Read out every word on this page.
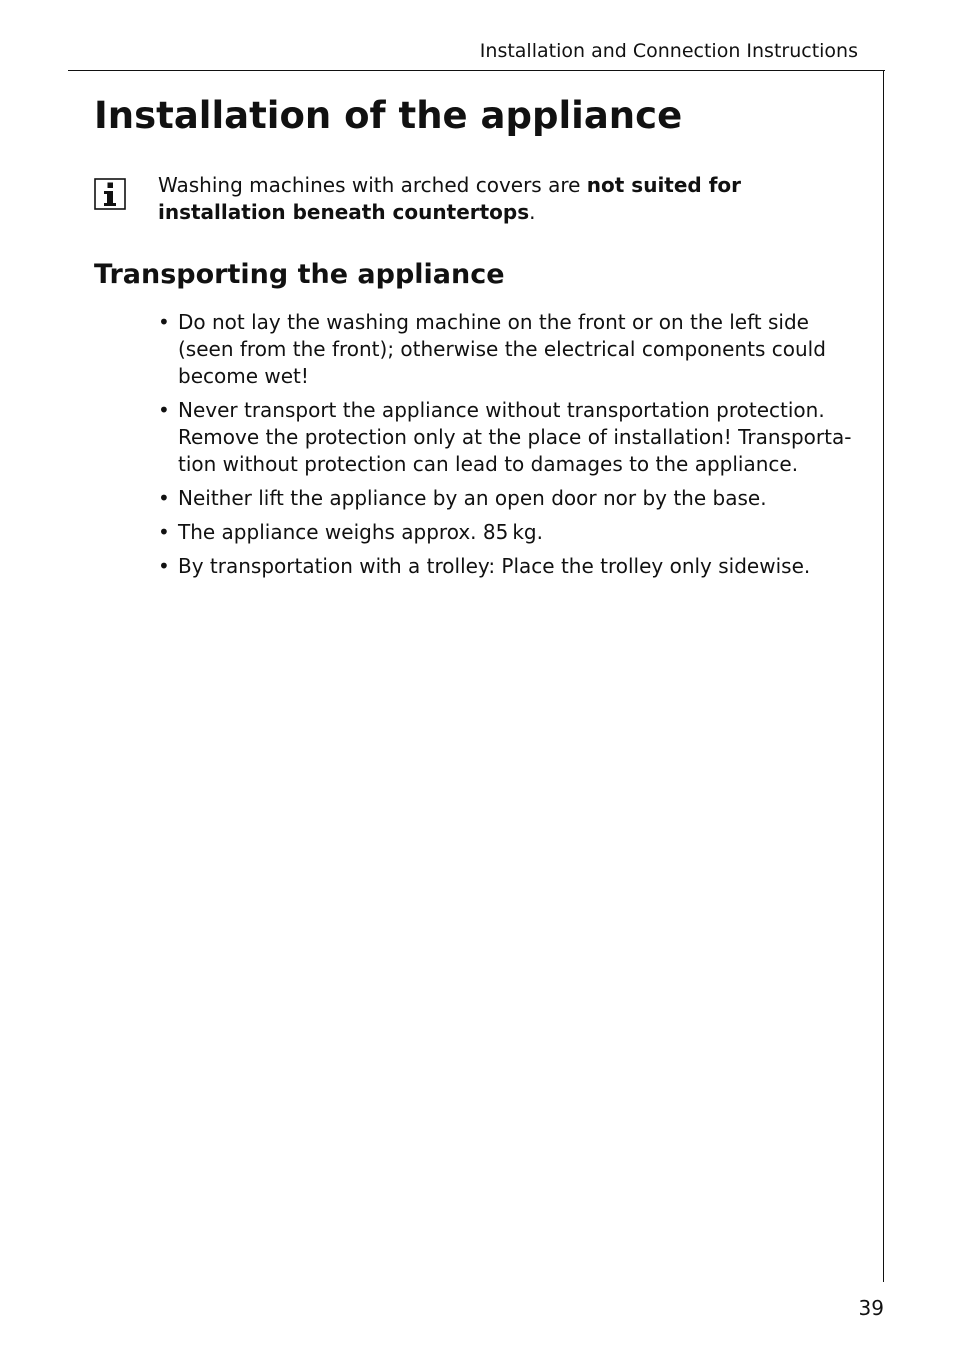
Installation and Connection Instructions
Installation of the appliance

Washing machines with arched covers are not suited for installation beneath countertops.

Transporting the appliance
• Do not lay the washing machine on the front or on the left side (seen from the front); otherwise the electrical components could become wet!
• Never transport the appliance without transportation protection. Remove the protection only at the place of installation! Transporta-tion without protection can lead to damages to the appliance.
• Neither lift the appliance by an open door nor by the base.
• The appliance weighs approx. 85 kg.
• By transportation with a trolley: Place the trolley only sidewise.
39
